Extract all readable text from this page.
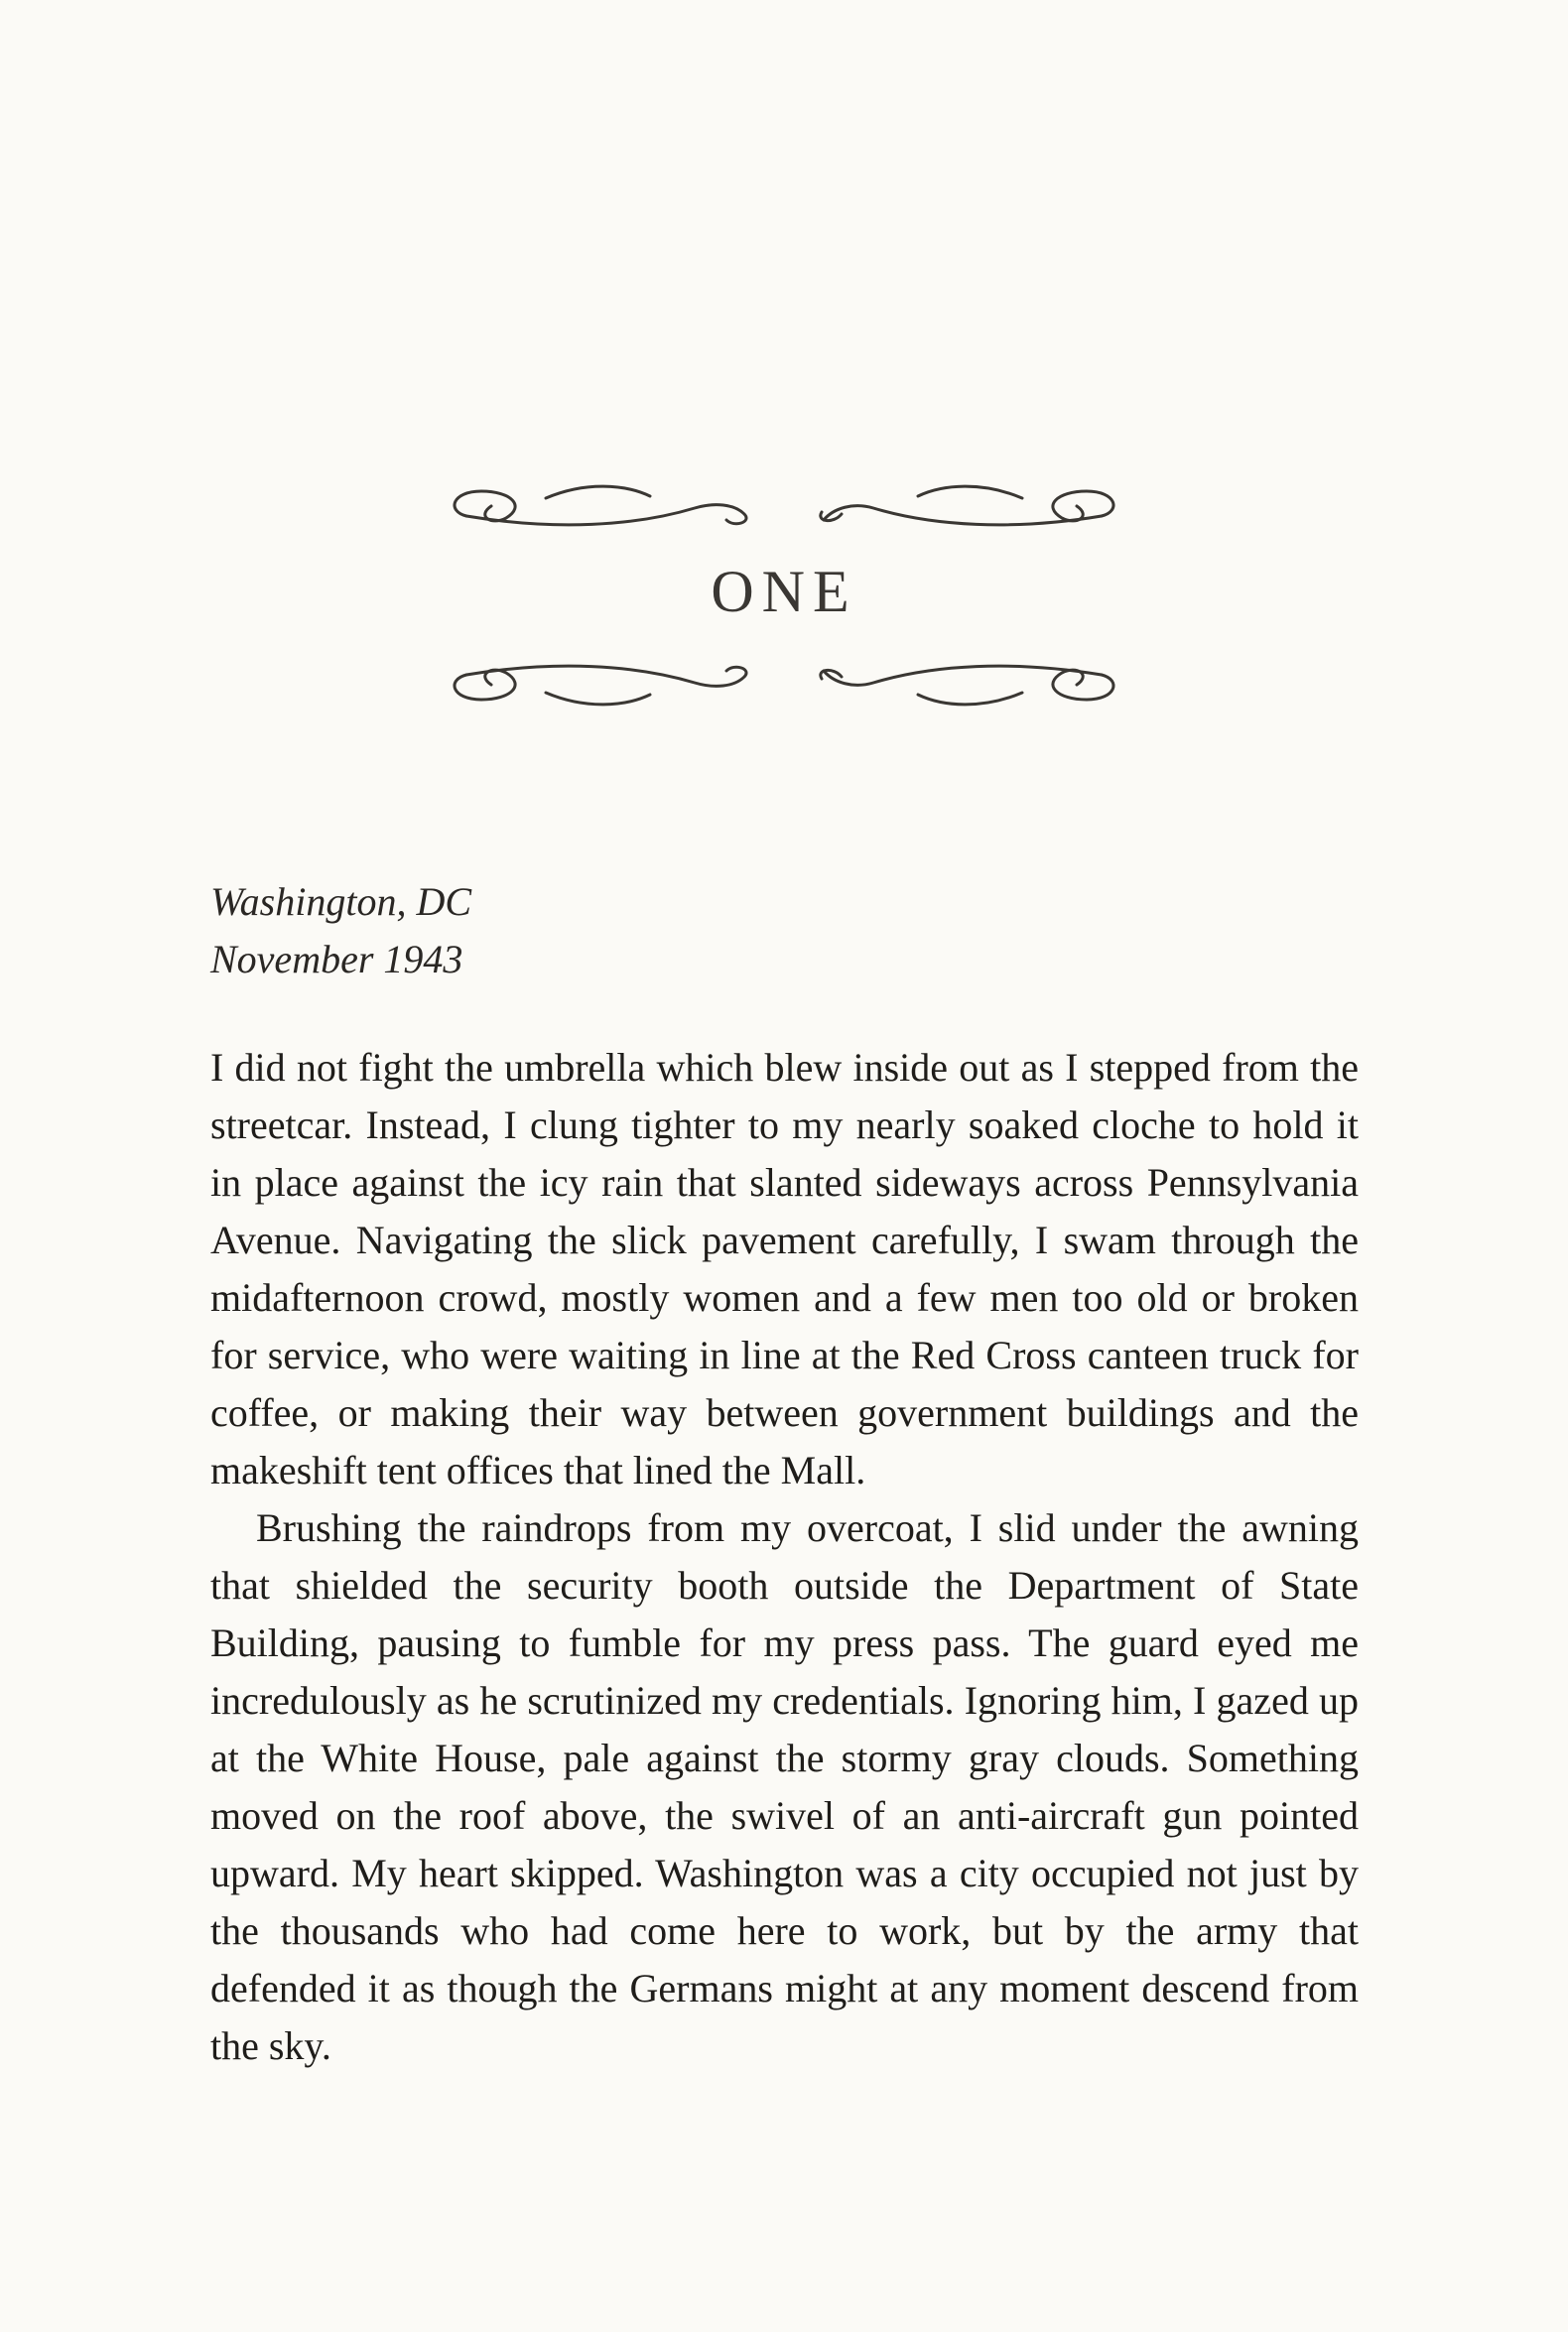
ONE
Washington, DC
November 1943

I did not fight the umbrella which blew inside out as I stepped from the streetcar. Instead, I clung tighter to my nearly soaked cloche to hold it in place against the icy rain that slanted sideways across Pennsylvania Avenue. Navigating the slick pavement carefully, I swam through the midafternoon crowd, mostly women and a few men too old or broken for service, who were waiting in line at the Red Cross canteen truck for coffee, or making their way between government buildings and the makeshift tent offices that lined the Mall.

Brushing the raindrops from my overcoat, I slid under the awning that shielded the security booth outside the Department of State Building, pausing to fumble for my press pass. The guard eyed me incredulously as he scrutinized my credentials. Ignoring him, I gazed up at the White House, pale against the stormy gray clouds. Something moved on the roof above, the swivel of an anti-aircraft gun pointed upward. My heart skipped. Washington was a city occupied not just by the thousands who had come here to work, but by the army that defended it as though the Germans might at any moment descend from the sky.
